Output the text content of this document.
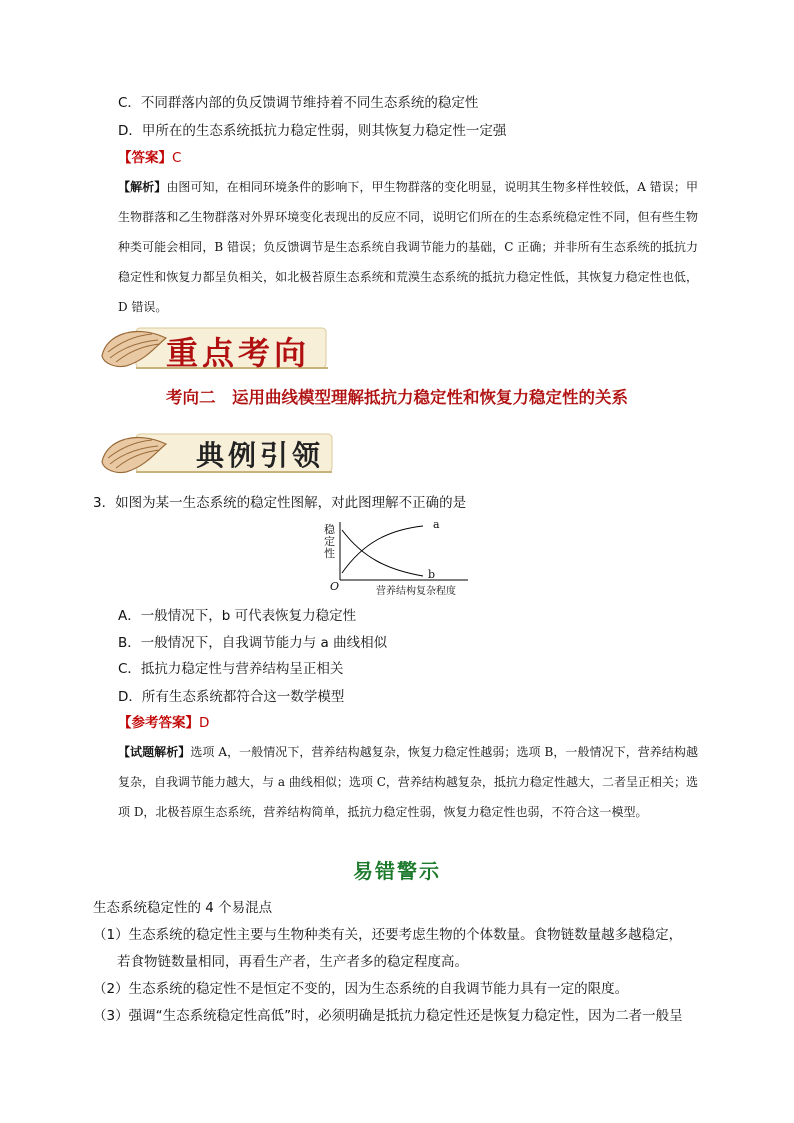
C．不同群落内部的负反馈调节维持着不同生态系统的稳定性
D．甲所在的生态系统抵抗力稳定性弱，则其恢复力稳定性一定强
【答案】C
【解析】由图可知，在相同环境条件的影响下，甲生物群落的变化明显，说明其生物多样性较低，A 错误；甲生物群落和乙生物群落对外界环境变化表现出的反应不同，说明它们所在的生态系统稳定性不同，但有些生物种类可能会相同，B 错误；负反馈调节是生态系统自我调节能力的基础，C 正确；并非所有生态系统的抵抗力稳定性和恢复力都呈负相关，如北极苔原生态系统和荒漠生态系统的抵抗力稳定性低，其恢复力稳定性也低，D 错误。
重点考向
考向二　运用曲线模型理解抵抗力稳定性和恢复力稳定性的关系
典例引领
3．如图为某一生态系统的稳定性图解，对此图理解不正确的是
稳定性
a
b
O	营养结构复杂程度
A．一般情况下，b 可代表恢复力稳定性
B．一般情况下，自我调节能力与 a 曲线相似
C．抵抗力稳定性与营养结构呈正相关
D．所有生态系统都符合这一数学模型
【参考答案】D
【试题解析】选项 A，一般情况下，营养结构越复杂，恢复力稳定性越弱；选项 B，一般情况下，营养结构越复杂，自我调节能力越大，与 a 曲线相似；选项 C，营养结构越复杂，抵抗力稳定性越大，二者呈正相关；选项 D，北极苔原生态系统，营养结构简单，抵抗力稳定性弱，恢复力稳定性也弱，不符合这一模型。
易错警示
生态系统稳定性的 4 个易混点
（1）生态系统的稳定性主要与生物种类有关，还要考虑生物的个体数量。食物链数量越多越稳定，
若食物链数量相同，再看生产者，生产者多的稳定程度高。
（2）生态系统的稳定性不是恒定不变的，因为生态系统的自我调节能力具有一定的限度。
（3）强调“生态系统稳定性高低”时，必须明确是抵抗力稳定性还是恢复力稳定性，因为二者一般呈
